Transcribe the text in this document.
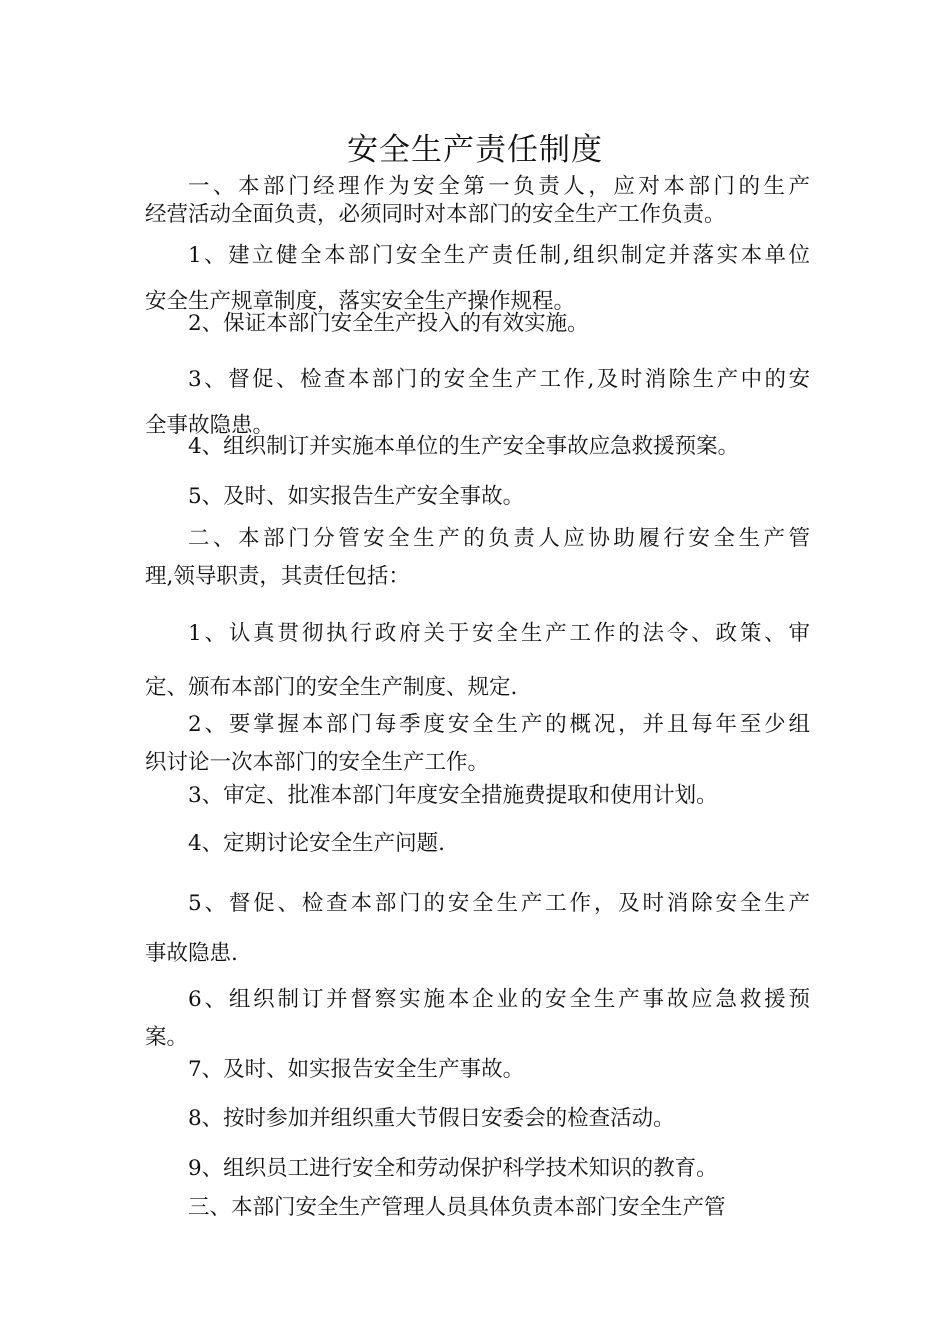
安全生产责任制度
一、本部门经理作为安全第一负责人，应对本部门的生产
经营活动全面负责，必须同时对本部门的安全生产工作负责。
1、建立健全本部门安全生产责任制,组织制定并落实本单位
安全生产规章制度，落实安全生产操作规程。
2、保证本部门安全生产投入的有效实施。
3、督促、检查本部门的安全生产工作,及时消除生产中的安
全事故隐患。
4、组织制订并实施本单位的生产安全事故应急救援预案。
5、及时、如实报告生产安全事故。
二、本部门分管安全生产的负责人应协助履行安全生产管
理,领导职责，其责任包括：
1、认真贯彻执行政府关于安全生产工作的法令、政策、审
定、颁布本部门的安全生产制度、规定.
2、要掌握本部门每季度安全生产的概况，并且每年至少组
织讨论一次本部门的安全生产工作。
3、审定、批准本部门年度安全措施费提取和使用计划。
4、定期讨论安全生产问题.
5、督促、检查本部门的安全生产工作，及时消除安全生产
事故隐患.
6、组织制订并督察实施本企业的安全生产事故应急救援预
案。
7、及时、如实报告安全生产事故。
8、按时参加并组织重大节假日安委会的检查活动。
9、组织员工进行安全和劳动保护科学技术知识的教育。
三、本部门安全生产管理人员具体负责本部门安全生产管
